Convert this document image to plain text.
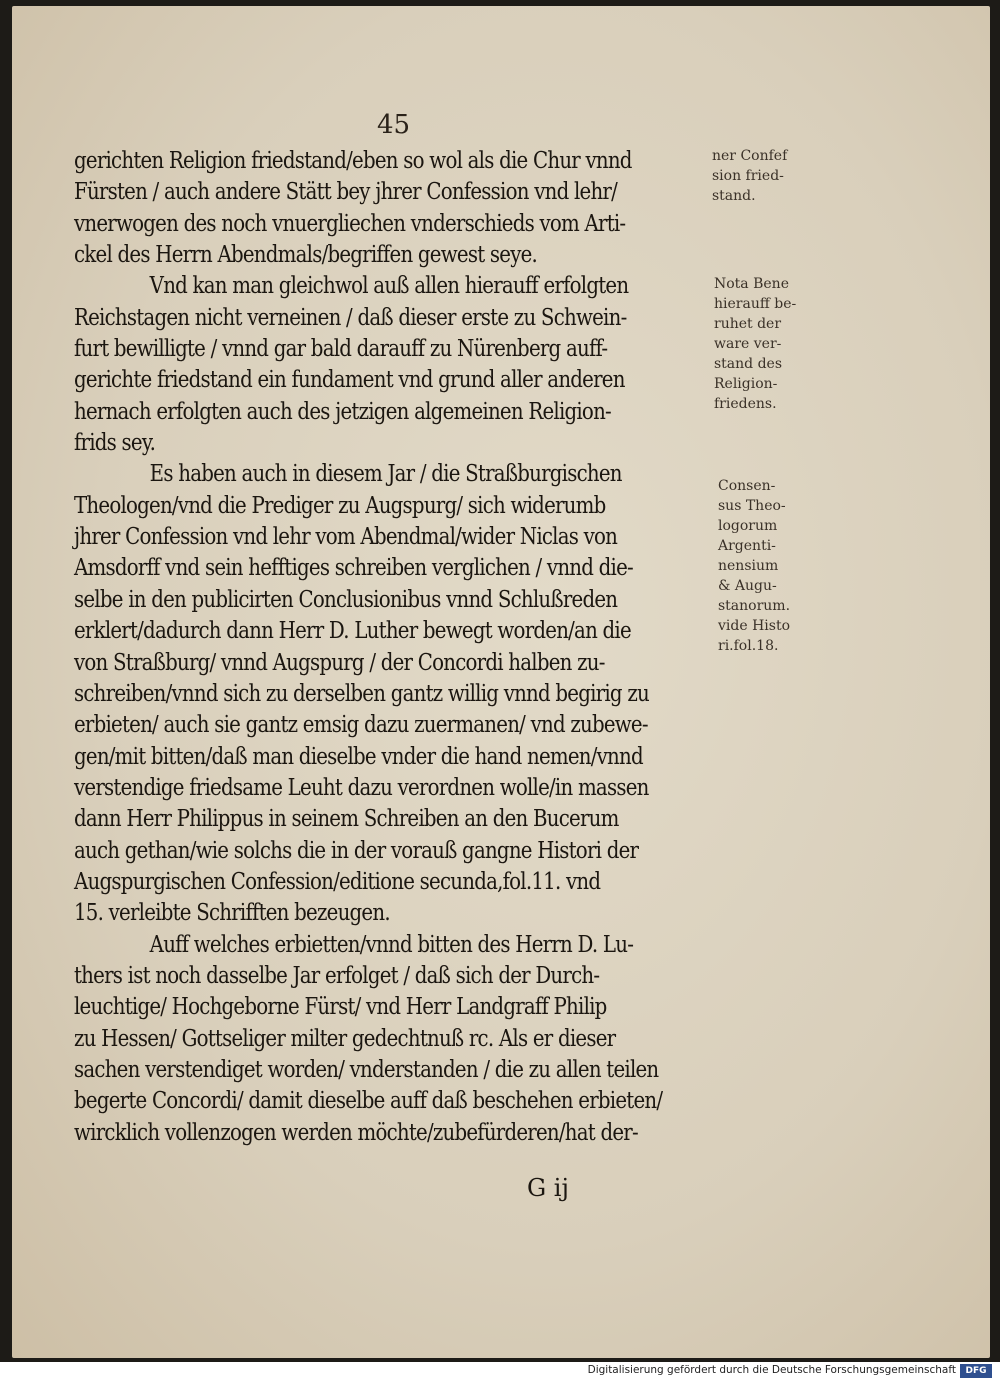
45
gerichten Religion friedstand/eben so wol als die Chur vnnd
Fürsten / auch andere Stätt bey jhrer Confession vnd lehr/
vnerwogen des noch vnuergliechen vnderschieds vom Arti-
ckel des Herrn Abendmals/begriffen gewest seye.
Vnd kan man gleichwol auß allen hierauff erfolgten
Reichstagen nicht verneinen / daß dieser erste zu Schwein-
furt bewilligte / vnnd gar bald darauff zu Nürenberg auff-
gerichte friedstand ein fundament vnd grund aller anderen
hernach erfolgten auch des jetzigen algemeinen Religion-
frids sey.
Es haben auch in diesem Jar / die Straßburgischen
Theologen/vnd die Prediger zu Augspurg/ sich widerumb
jhrer Confession vnd lehr vom Abendmal/wider Niclas von
Amsdorff vnd sein hefftiges schreiben verglichen / vnnd die-
selbe in den publicirten Conclusionibus vnnd Schlußreden
erklert/dadurch dann Herr D. Luther bewegt worden/an die
von Straßburg/ vnnd Augspurg / der Concordi halben zu-
schreiben/vnnd sich zu derselben gantz willig vnnd begirig zu
erbieten/ auch sie gantz emsig dazu zuermanen/ vnd zubewe-
gen/mit bitten/daß man dieselbe vnder die hand nemen/vnnd
verstendige friedsame Leuht dazu verordnen wolle/in massen
dann Herr Philippus in seinem Schreiben an den Bucerum
auch gethan/wie solchs die in der vorauß gangne Histori der
Augspurgischen Confession/editione secunda,fol.11. vnd
15. verleibte Schrifften bezeugen.
Auff welches erbietten/vnnd bitten des Herrn D. Lu-
thers ist noch dasselbe Jar erfolget / daß sich der Durch-
leuchtige/ Hochgeborne Fürst/ vnd Herr Landgraff Philip
zu Hessen/ Gottseliger milter gedechtnuß rc. Als er dieser
sachen verstendiget worden/ vnderstanden / die zu allen teilen
begerte Concordi/ damit dieselbe auff daß beschehen erbieten/
wircklich vollenzogen werden möchte/zubefürderen/hat der-
ner Confef
sion fried-
stand.
Nota Bene
hierauff be-
ruhet der
ware ver-
stand des
Religion-
friedens.
Consen-
sus Theo-
logorum
Argenti-
nensium
& Augu-
stanorum.
vide Histo
ri.fol.18.
G ij
Digitalisierung gefördert durch die Deutsche Forschungsgemeinschaft	DFG
